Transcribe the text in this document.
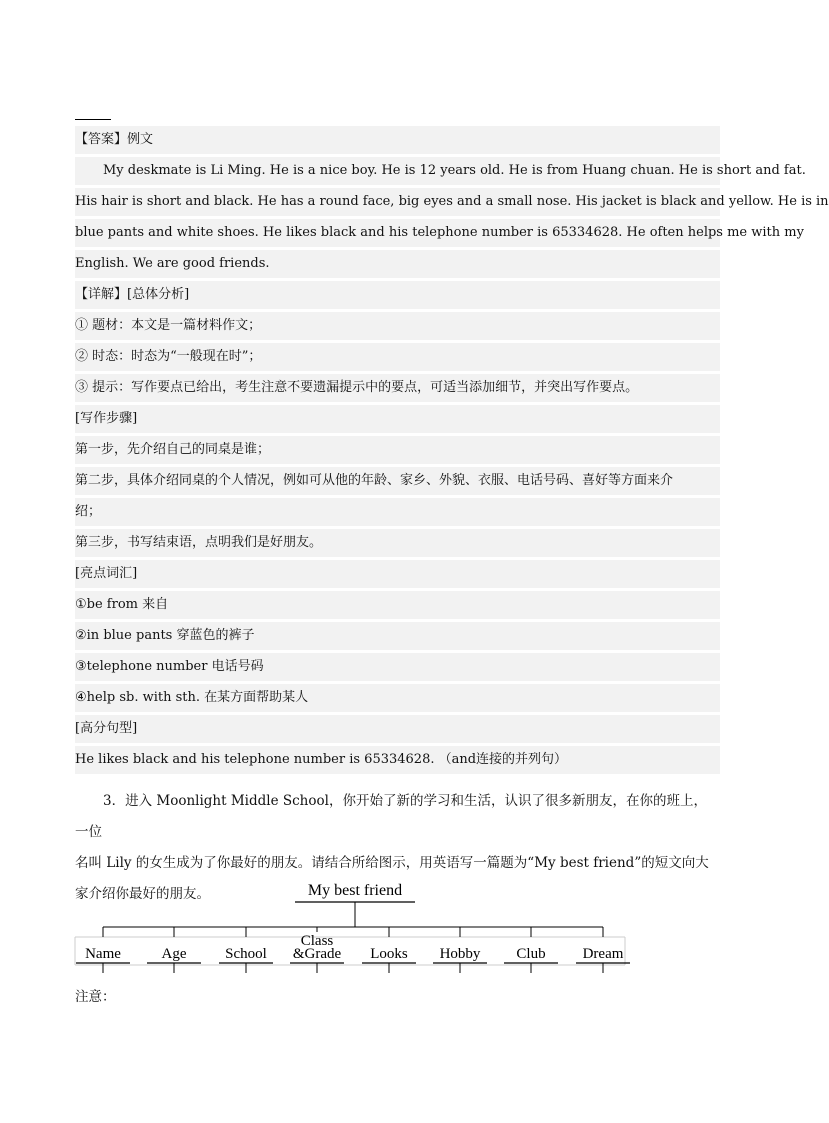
【答案】例文
My deskmate is Li Ming. He is a nice boy. He is 12 years old. He is from Huang chuan. He is short and fat.
His hair is short and black. He has a round face, big eyes and a small nose. His jacket is black and yellow. He is in
blue pants and white shoes. He likes black and his telephone number is 65334628. He often helps me with my
English. We are good friends.
【详解】[总体分析]
① 题材：本文是一篇材料作文；
② 时态：时态为“一般现在时”；
③ 提示：写作要点已给出，考生注意不要遗漏提示中的要点，可适当添加细节，并突出写作要点。
[写作步骤]
第一步，先介绍自己的同桌是谁；
第二步，具体介绍同桌的个人情况，例如可从他的年龄、家乡、外貌、衣服、电话号码、喜好等方面来介
绍；
第三步，书写结束语，点明我们是好朋友。
[亮点词汇]
①be from 来自
②in blue pants 穿蓝色的裤子
③telephone number 电话号码
④help sb. with sth. 在某方面帮助某人
[高分句型]
He likes black and his telephone number is 65334628. （and连接的并列句）

3．进入 Moonlight Middle School，你开始了新的学习和生活，认识了很多新朋友，在你的班上，一位

名叫 Lily 的女生成为了你最好的朋友。请结合所给图示，用英语写一篇题为“My best friend”的短文向大
家介绍你最好的朋友。	My best friend
Name	Age	School
Class
&Grade Looks Hobby Club Dream
注意：
